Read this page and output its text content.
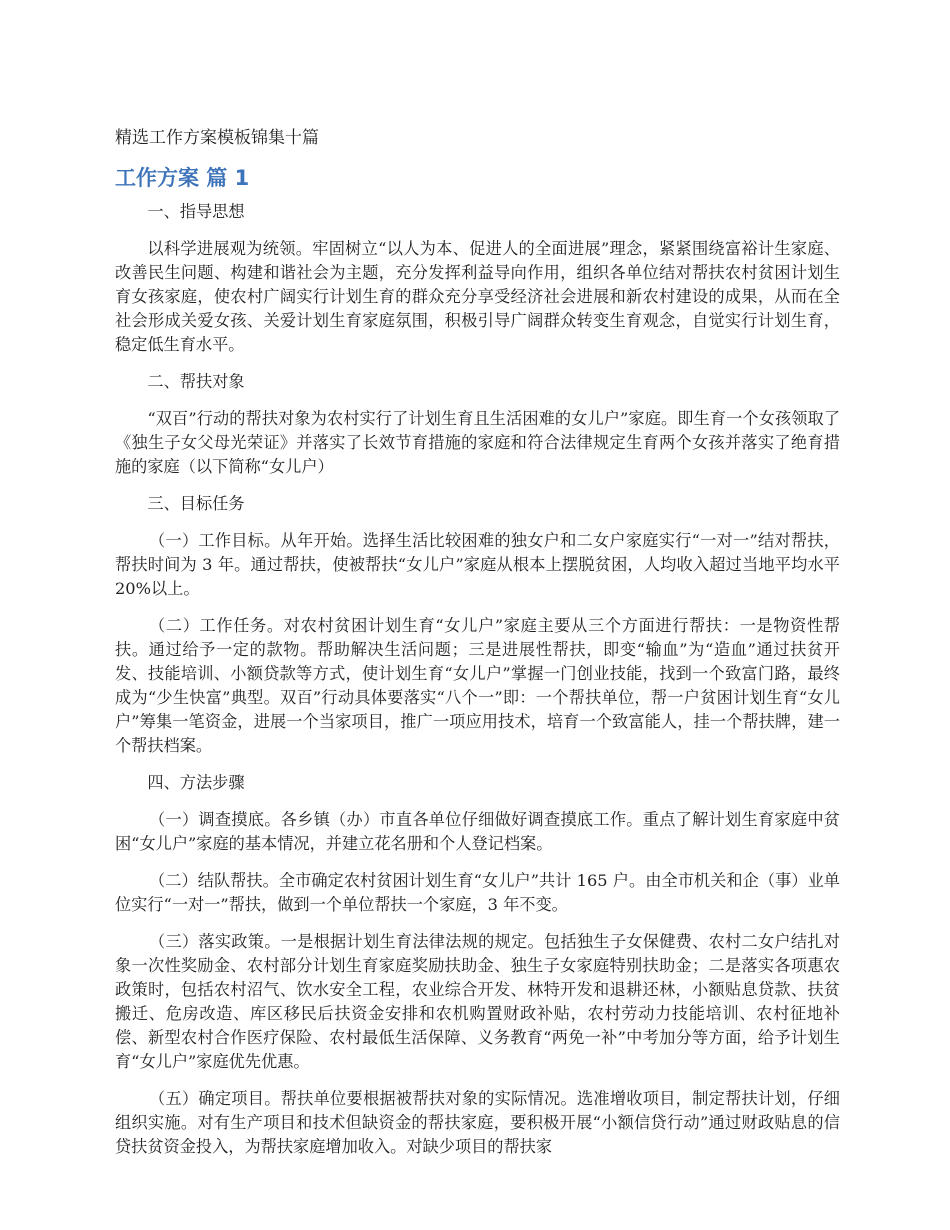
精选工作方案模板锦集十篇
工作方案 篇 1

一、指导思想

以科学进展观为统领。牢固树立“以人为本、促进人的全面进展”理念，紧紧围绕富裕计生家庭、改善民生问题、构建和谐社会为主题，充分发挥利益导向作用，组织各单位结对帮扶农村贫困计划生育女孩家庭，使农村广阔实行计划生育的群众充分享受经济社会进展和新农村建设的成果，从而在全社会形成关爱女孩、关爱计划生育家庭氛围，积极引导广阔群众转变生育观念，自觉实行计划生育，稳定低生育水平。

二、帮扶对象

“双百”行动的帮扶对象为农村实行了计划生育且生活困难的女儿户”家庭。即生育一个女孩领取了《独生子女父母光荣证》并落实了长效节育措施的家庭和符合法律规定生育两个女孩并落实了绝育措施的家庭（以下简称“女儿户）

三、目标任务

（一）工作目标。从年开始。选择生活比较困难的独女户和二女户家庭实行“一对一”结对帮扶，帮扶时间为 3 年。通过帮扶，使被帮扶“女儿户”家庭从根本上摆脱贫困，人均收入超过当地平均水平 20%以上。

（二）工作任务。对农村贫困计划生育“女儿户”家庭主要从三个方面进行帮扶：一是物资性帮扶。通过给予一定的款物。帮助解决生活问题；三是进展性帮扶，即变“输血”为“造血”通过扶贫开发、技能培训、小额贷款等方式，使计划生育“女儿户”掌握一门创业技能，找到一个致富门路，最终成为“少生快富”典型。双百”行动具体要落实“八个一”即：一个帮扶单位，帮一户贫困计划生育“女儿户”筹集一笔资金，进展一个当家项目，推广一项应用技术，培育一个致富能人，挂一个帮扶牌，建一个帮扶档案。

四、方法步骤

（一）调查摸底。各乡镇（办）市直各单位仔细做好调查摸底工作。重点了解计划生育家庭中贫困“女儿户”家庭的基本情况，并建立花名册和个人登记档案。

（二）结队帮扶。全市确定农村贫困计划生育“女儿户”共计 165 户。由全市机关和企（事）业单位实行“一对一”帮扶，做到一个单位帮扶一个家庭，3 年不变。

（三）落实政策。一是根据计划生育法律法规的规定。包括独生子女保健费、农村二女户结扎对象一次性奖励金、农村部分计划生育家庭奖励扶助金、独生子女家庭特别扶助金；二是落实各项惠农政策时，包括农村沼气、饮水安全工程，农业综合开发、林特开发和退耕还林，小额贴息贷款、扶贫搬迁、危房改造、库区移民后扶资金安排和农机购置财政补贴，农村劳动力技能培训、农村征地补偿、新型农村合作医疗保险、农村最低生活保障、义务教育“两免一补”中考加分等方面，给予计划生育“女儿户”家庭优先优惠。

（五）确定项目。帮扶单位要根据被帮扶对象的实际情况。选准增收项目，制定帮扶计划，仔细组织实施。对有生产项目和技术但缺资金的帮扶家庭，要积极开展“小额信贷行动”通过财政贴息的信贷扶贫资金投入，为帮扶家庭增加收入。对缺少项目的帮扶家
